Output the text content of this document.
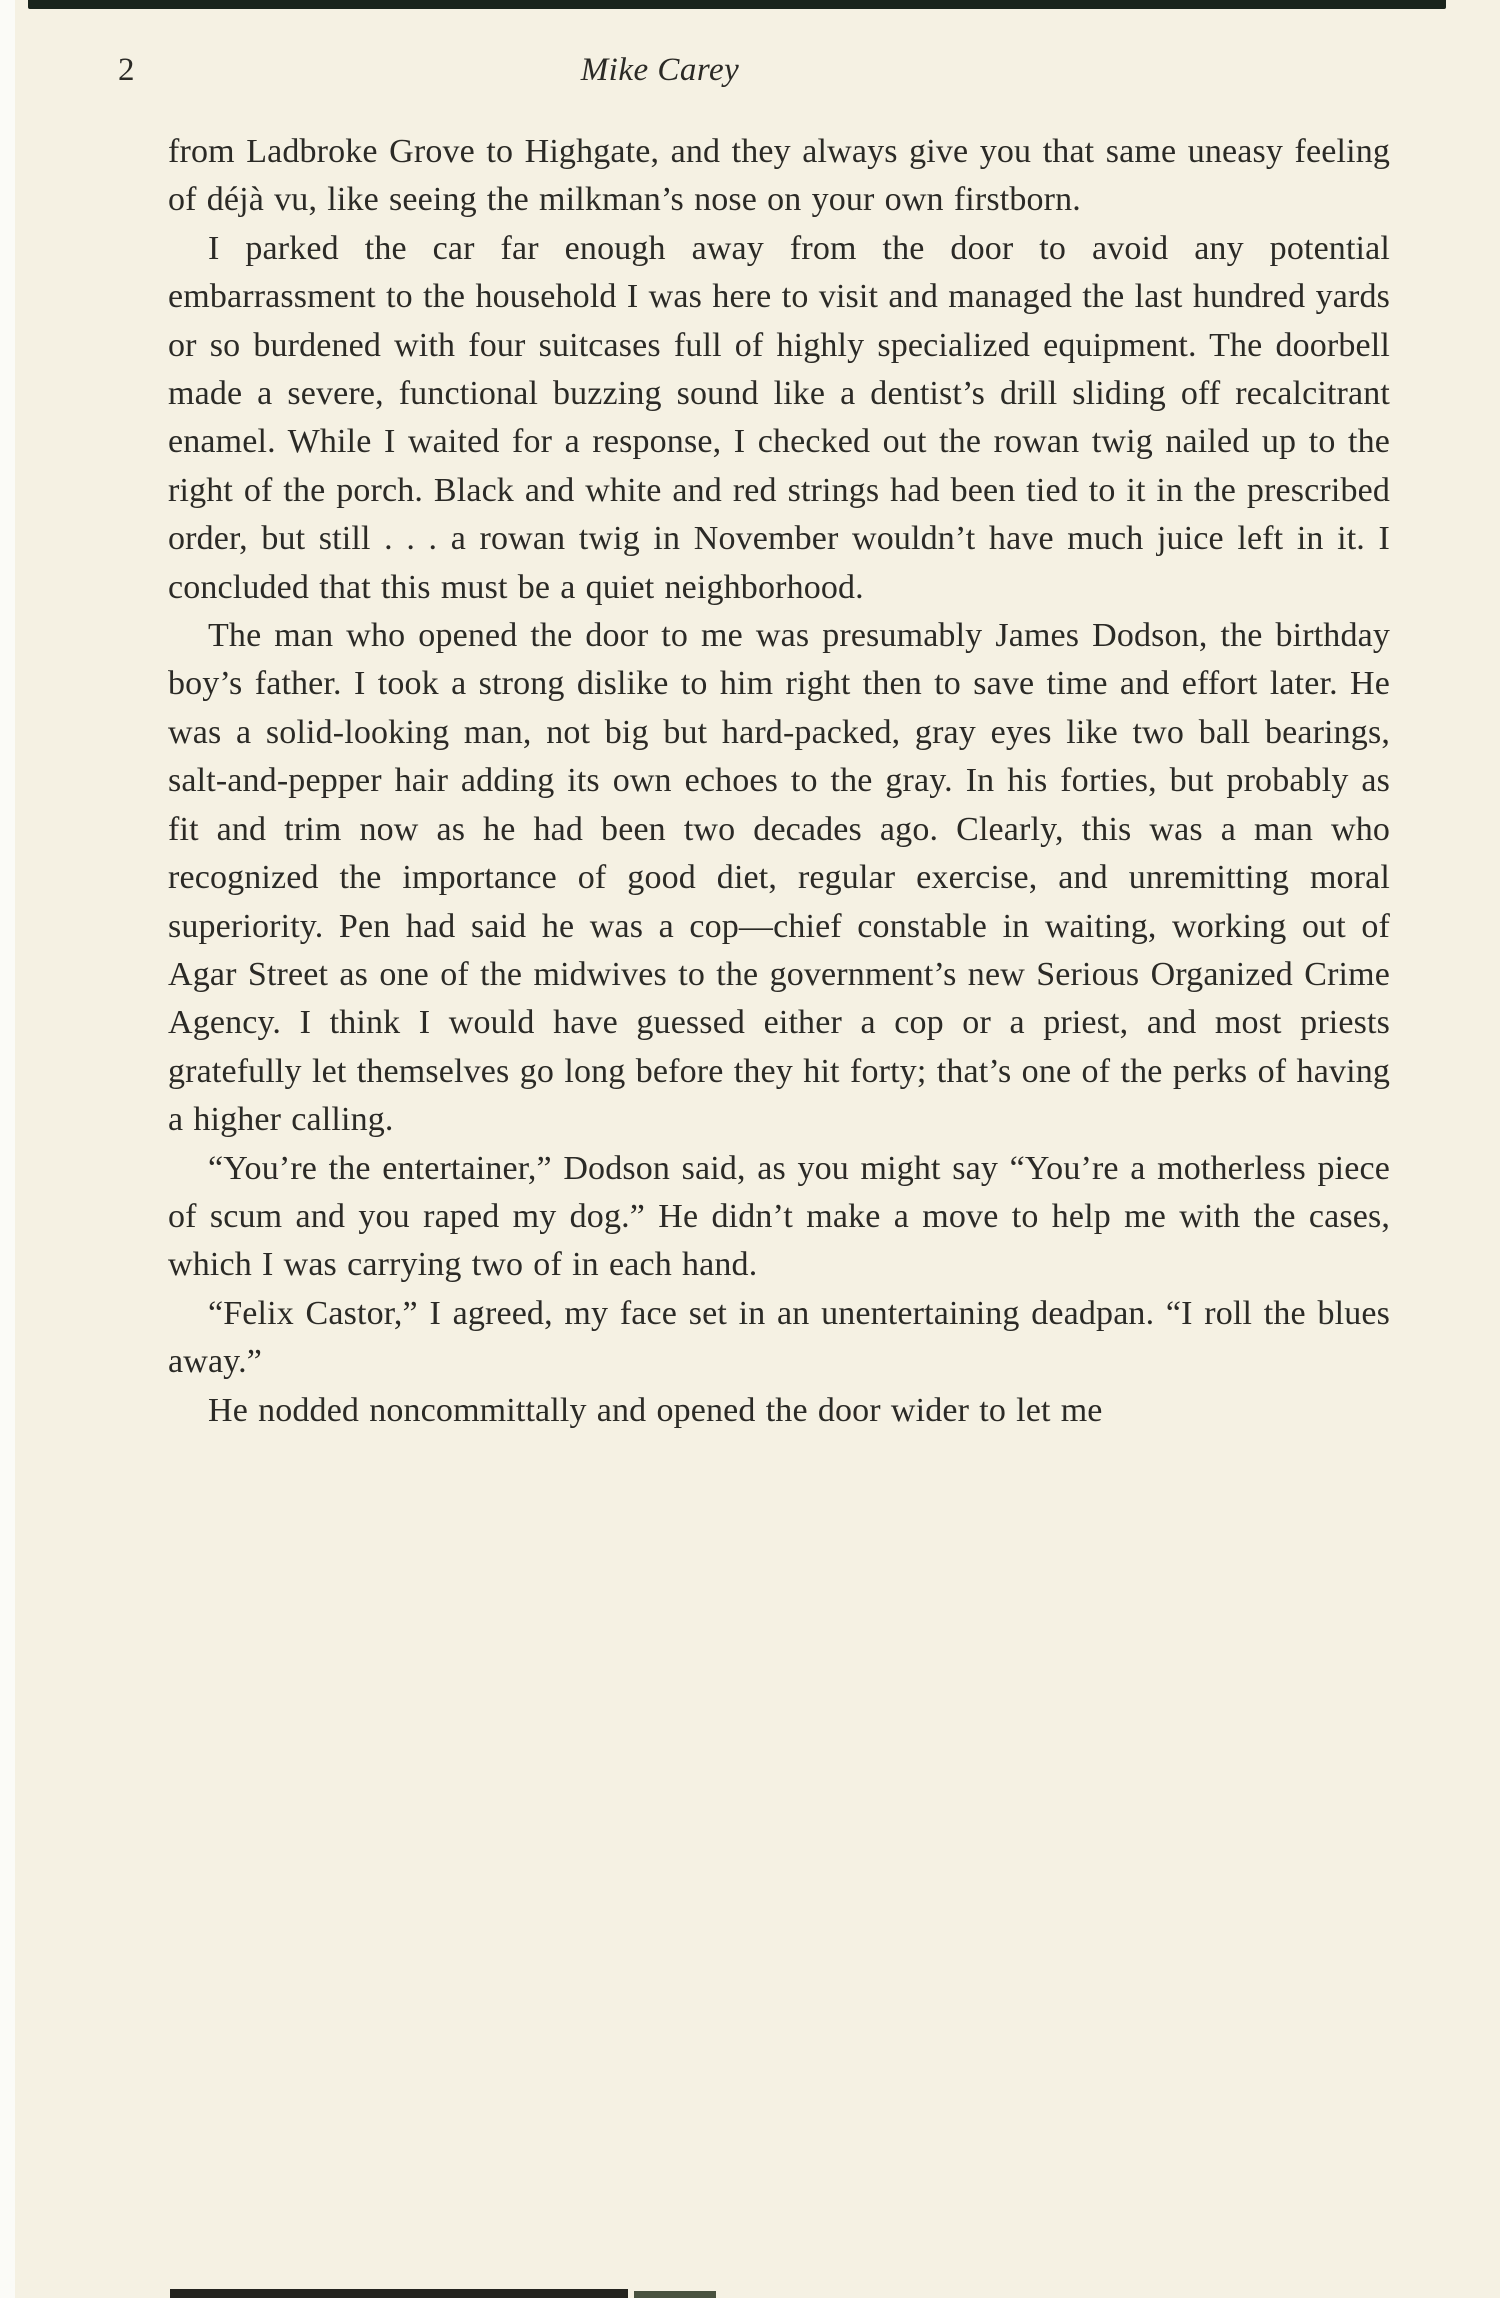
2	Mike Carey

from Ladbroke Grove to Highgate, and they always give you that same uneasy feeling of déjà vu, like seeing the milkman’s nose on your own firstborn.

I parked the car far enough away from the door to avoid any potential embarrassment to the household I was here to visit and managed the last hundred yards or so burdened with four suitcases full of highly specialized equipment. The doorbell made a severe, functional buzzing sound like a dentist’s drill sliding off recalcitrant enamel. While I waited for a response, I checked out the rowan twig nailed up to the right of the porch. Black and white and red strings had been tied to it in the prescribed order, but still . . . a rowan twig in November wouldn’t have much juice left in it. I concluded that this must be a quiet neighborhood.

The man who opened the door to me was presumably James Dodson, the birthday boy’s father. I took a strong dislike to him right then to save time and effort later. He was a solid-looking man, not big but hard-packed, gray eyes like two ball bearings, salt-and-pepper hair adding its own echoes to the gray. In his forties, but probably as fit and trim now as he had been two decades ago. Clearly, this was a man who recognized the importance of good diet, regular exercise, and unremitting moral superiority. Pen had said he was a cop—chief constable in waiting, working out of Agar Street as one of the midwives to the government’s new Serious Organized Crime Agency. I think I would have guessed either a cop or a priest, and most priests gratefully let themselves go long before they hit forty; that’s one of the perks of having a higher calling.

“You’re the entertainer,” Dodson said, as you might say “You’re a motherless piece of scum and you raped my dog.” He didn’t make a move to help me with the cases, which I was carrying two of in each hand.

“Felix Castor,” I agreed, my face set in an unentertaining deadpan. “I roll the blues away.”

He nodded noncommittally and opened the door wider to let me
